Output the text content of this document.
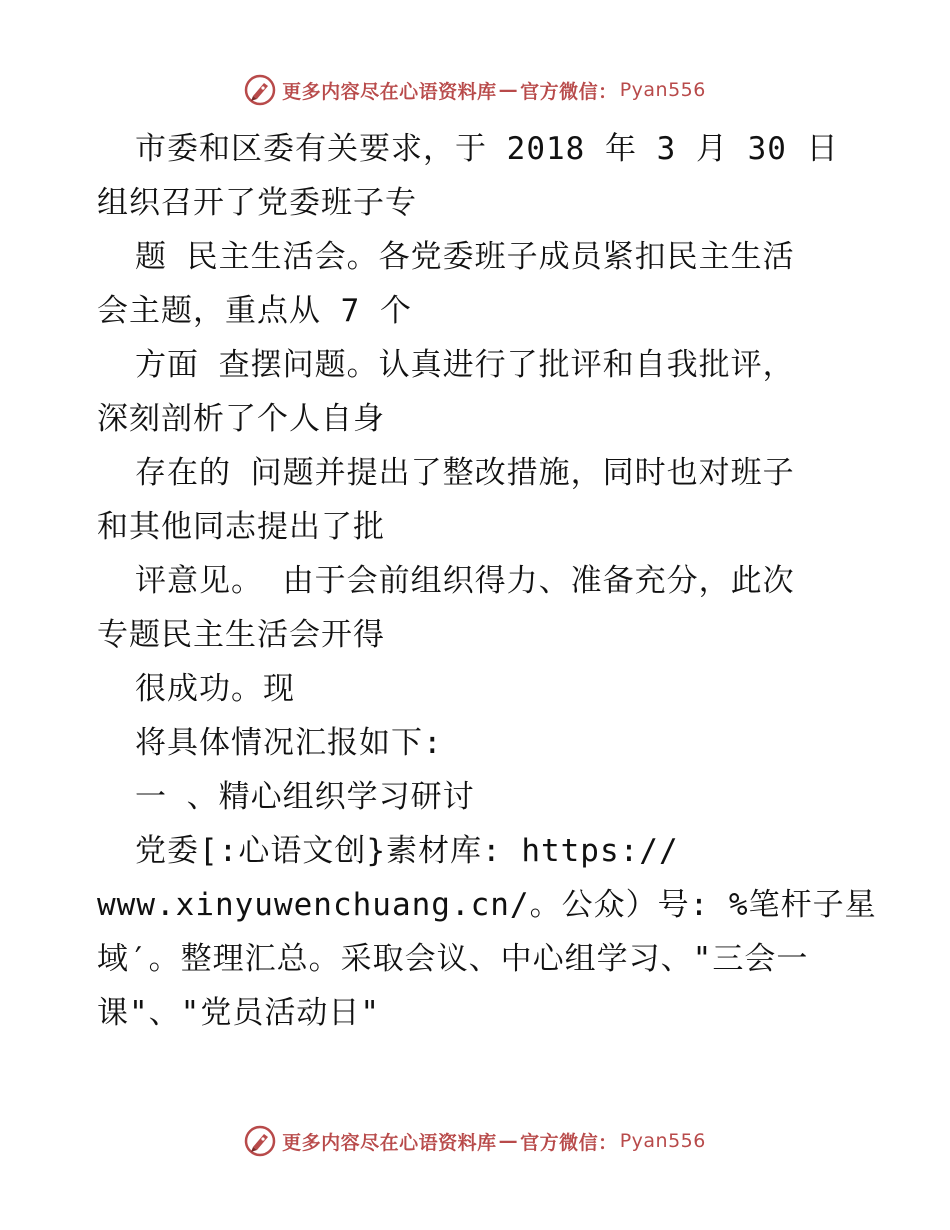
更多内容尽在心语资料库 — 官方微信： Pyan556
市委和区委有关要求，于 2018 年 3 月 30 日
组织召开了党委班子专
题 民主生活会。各党委班子成员紧扣民主生活
会主题，重点从 7 个
方面 查摆问题。认真进行了批评和自我批评，
深刻剖析了个人自身
存在的 问题并提出了整改措施，同时也对班子
和其他同志提出了批
评意见。 由于会前组织得力、准备充分，此次
专题民主生活会开得
很成功。现
将具体情况汇报如下:
一 、精心组织学习研讨
党委[:心语文创}素材库: https://
www.xinyuwenchuang.cn/。公众）号: %笔杆子星
域′。整理汇总。采取会议、中心组学习、"三会一
课"、"党员活动日"
更多内容尽在心语资料库 — 官方微信： Pyan556
